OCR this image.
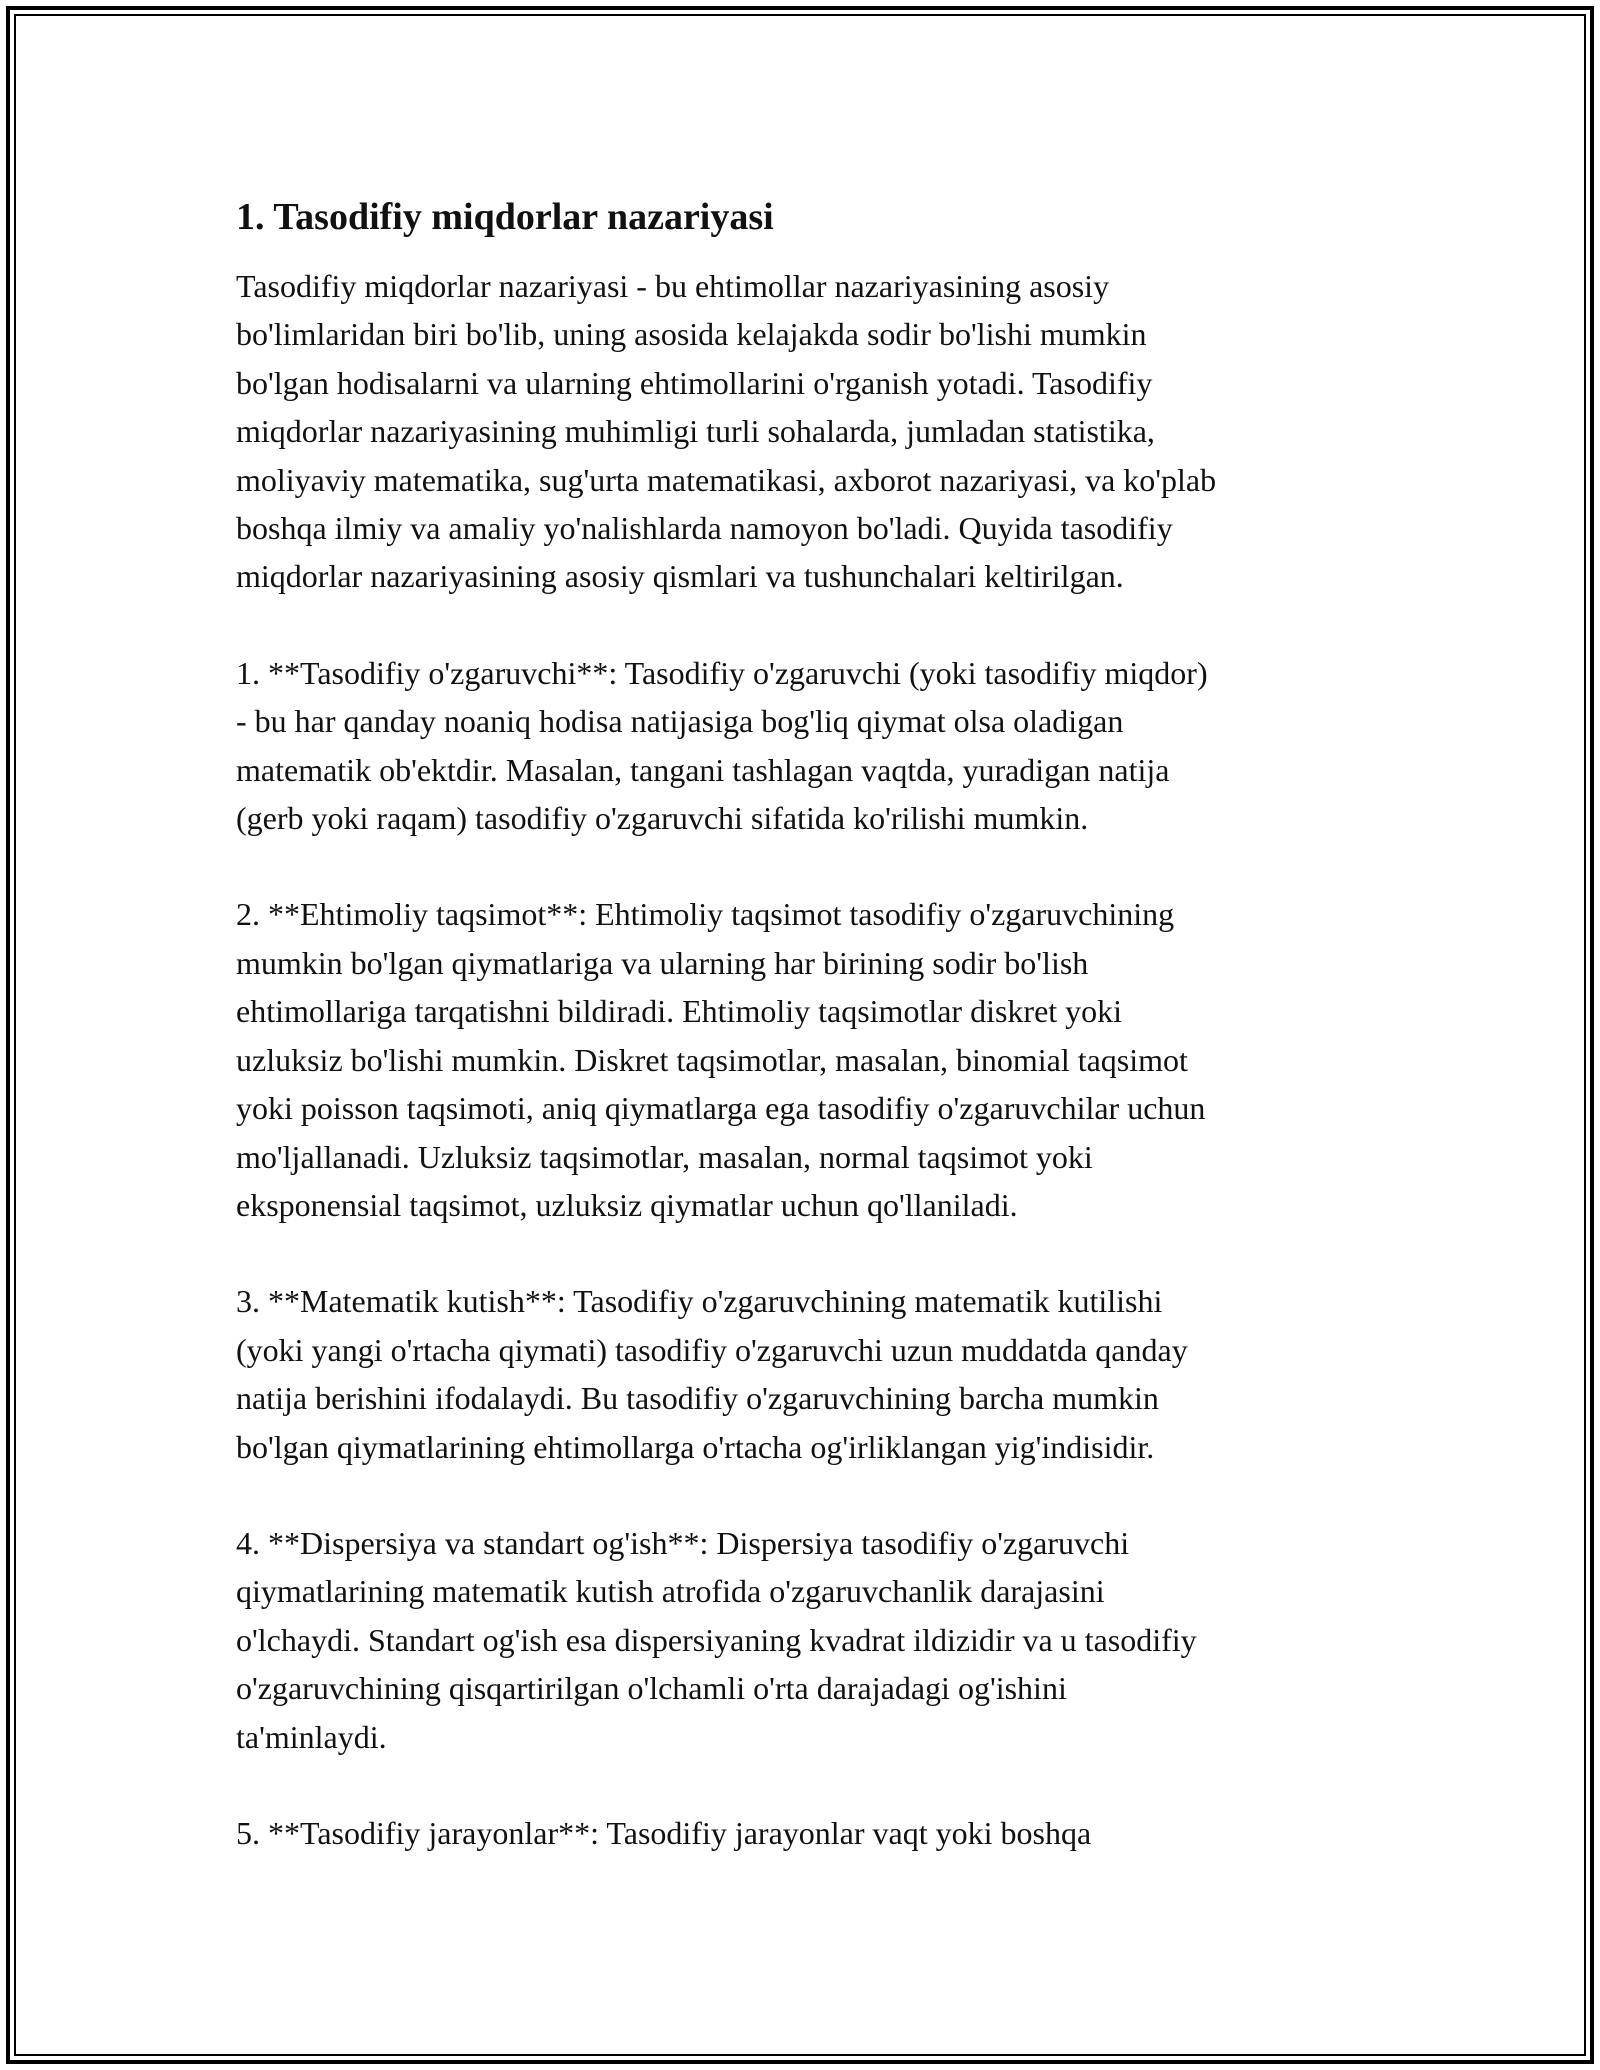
1. Tasodifiy miqdorlar nazariyasi

Tasodifiy miqdorlar nazariyasi - bu ehtimollar nazariyasining asosiy
bo'limlaridan biri bo'lib, uning asosida kelajakda sodir bo'lishi mumkin
bo'lgan hodisalarni va ularning ehtimollarini o'rganish yotadi. Tasodifiy
miqdorlar nazariyasining muhimligi turli sohalarda, jumladan statistika,
moliyaviy matematika, sug'urta matematikasi, axborot nazariyasi, va ko'plab
boshqa ilmiy va amaliy yo'nalishlarda namoyon bo'ladi. Quyida tasodifiy
miqdorlar nazariyasining asosiy qismlari va tushunchalari keltirilgan.

1. **Tasodifiy o'zgaruvchi**: Tasodifiy o'zgaruvchi (yoki tasodifiy miqdor)
- bu har qanday noaniq hodisa natijasiga bog'liq qiymat olsa oladigan
matematik ob'ektdir. Masalan, tangani tashlagan vaqtda, yuradigan natija
(gerb yoki raqam) tasodifiy o'zgaruvchi sifatida ko'rilishi mumkin.

2. **Ehtimoliy taqsimot**: Ehtimoliy taqsimot tasodifiy o'zgaruvchining
mumkin bo'lgan qiymatlariga va ularning har birining sodir bo'lish
ehtimollariga tarqatishni bildiradi. Ehtimoliy taqsimotlar diskret yoki
uzluksiz bo'lishi mumkin. Diskret taqsimotlar, masalan, binomial taqsimot
yoki poisson taqsimoti, aniq qiymatlarga ega tasodifiy o'zgaruvchilar uchun
mo'ljallanadi. Uzluksiz taqsimotlar, masalan, normal taqsimot yoki
eksponensial taqsimot, uzluksiz qiymatlar uchun qo'llaniladi.

3. **Matematik kutish**: Tasodifiy o'zgaruvchining matematik kutilishi
(yoki yangi o'rtacha qiymati) tasodifiy o'zgaruvchi uzun muddatda qanday
natija berishini ifodalaydi. Bu tasodifiy o'zgaruvchining barcha mumkin
bo'lgan qiymatlarining ehtimollarga o'rtacha og'irliklangan yig'indisidir.

4. **Dispersiya va standart og'ish**: Dispersiya tasodifiy o'zgaruvchi
qiymatlarining matematik kutish atrofida o'zgaruvchanlik darajasini
o'lchaydi. Standart og'ish esa dispersiyaning kvadrat ildizidir va u tasodifiy
o'zgaruvchining qisqartirilgan o'lchamli o'rta darajadagi og'ishini
ta'minlaydi.

5. **Tasodifiy jarayonlar**: Tasodifiy jarayonlar vaqt yoki boshqa
